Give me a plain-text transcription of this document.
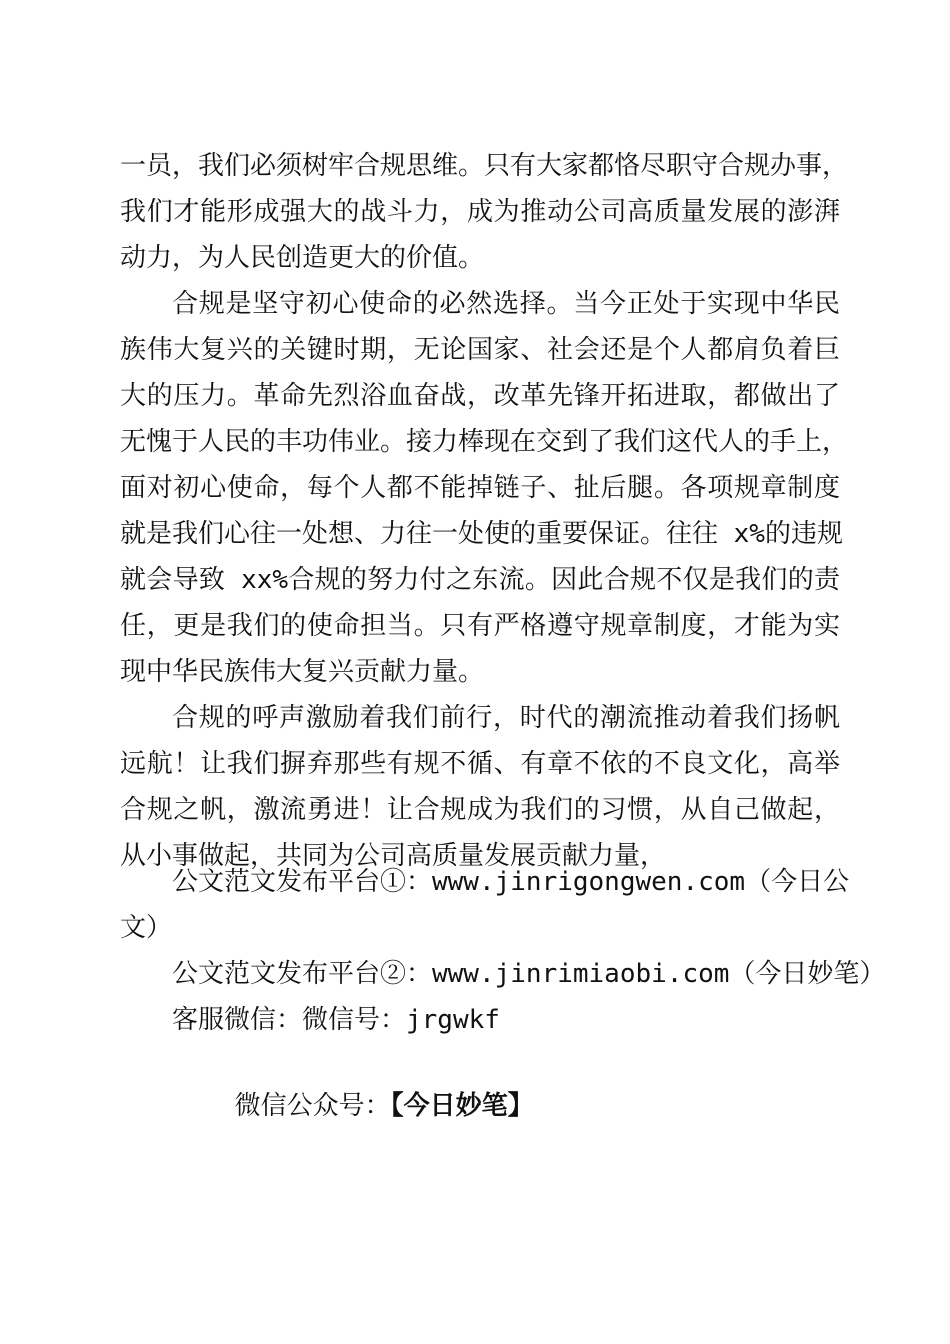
一员，我们必须树牢合规思维。只有大家都恪尽职守合规办事，
我们才能形成强大的战斗力，成为推动公司高质量发展的澎湃
动力，为人民创造更大的价值。
合规是坚守初心使命的必然选择。当今正处于实现中华民
族伟大复兴的关键时期，无论国家、社会还是个人都肩负着巨
大的压力。革命先烈浴血奋战，改革先锋开拓进取，都做出了
无愧于人民的丰功伟业。接力棒现在交到了我们这代人的手上，
面对初心使命，每个人都不能掉链子、扯后腿。各项规章制度
就是我们心往一处想、力往一处使的重要保证。往往 x%的违规
就会导致 xx%合规的努力付之东流。因此合规不仅是我们的责
任，更是我们的使命担当。只有严格遵守规章制度，才能为实
现中华民族伟大复兴贡献力量。
合规的呼声激励着我们前行，时代的潮流推动着我们扬帆
远航！让我们摒弃那些有规不循、有章不依的不良文化，高举
合规之帆，激流勇进！让合规成为我们的习惯，从自己做起，
从小事做起，共同为公司高质量发展贡献力量，
公文范文发布平台①：www.jinrigongwen.com（今日公
文）
公文范文发布平台②：www.jinrimiaobi.com（今日妙笔）
客服微信：微信号：jrgwkf

微信公众号：【今日妙笔】
